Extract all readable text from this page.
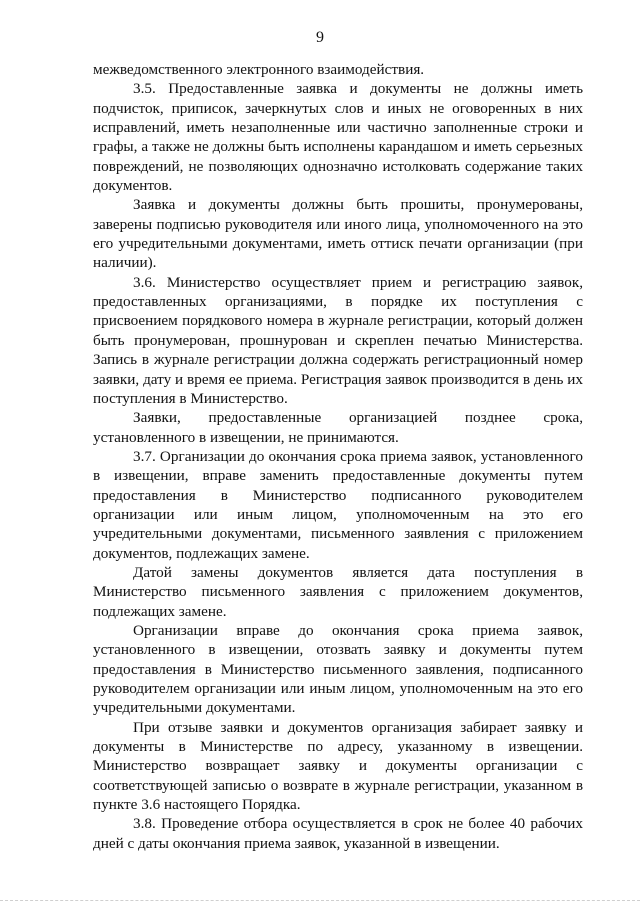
9

межведомственного электронного взаимодействия.

3.5. Предоставленные заявка и документы не должны иметь подчисток, приписок, зачеркнутых слов и иных не оговоренных в них исправлений, иметь незаполненные или частично заполненные строки и графы, а также не должны быть исполнены карандашом и иметь серьезных повреждений, не позволяющих однозначно истолковать содержание таких документов.

Заявка и документы должны быть прошиты, пронумерованы, заверены подписью руководителя или иного лица, уполномоченного на это его учредительными документами, иметь оттиск печати организации (при наличии).

3.6. Министерство осуществляет прием и регистрацию заявок, предоставленных организациями, в порядке их поступления с присвоением порядкового номера в журнале регистрации, который должен быть пронумерован, прошнурован и скреплен печатью Министерства. Запись в журнале регистрации должна содержать регистрационный номер заявки, дату и время ее приема. Регистрация заявок производится в день их поступления в Министерство.

Заявки, предоставленные организацией позднее срока, установленного в извещении, не принимаются.

3.7. Организации до окончания срока приема заявок, установленного в извещении, вправе заменить предоставленные документы путем предоставления в Министерство подписанного руководителем организации или иным лицом, уполномоченным на это его учредительными документами, письменного заявления с приложением документов, подлежащих замене.

Датой замены документов является дата поступления в Министерство письменного заявления с приложением документов, подлежащих замене.

Организации вправе до окончания срока приема заявок, установленного в извещении, отозвать заявку и документы путем предоставления в Министерство письменного заявления, подписанного руководителем организации или иным лицом, уполномоченным на это его учредительными документами.

При отзыве заявки и документов организация забирает заявку и документы в Министерстве по адресу, указанному в извещении. Министерство возвращает заявку и документы организации с соответствующей записью о возврате в журнале регистрации, указанном в пункте 3.6 настоящего Порядка.

3.8. Проведение отбора осуществляется в срок не более 40 рабочих дней с даты окончания приема заявок, указанной в извещении.
